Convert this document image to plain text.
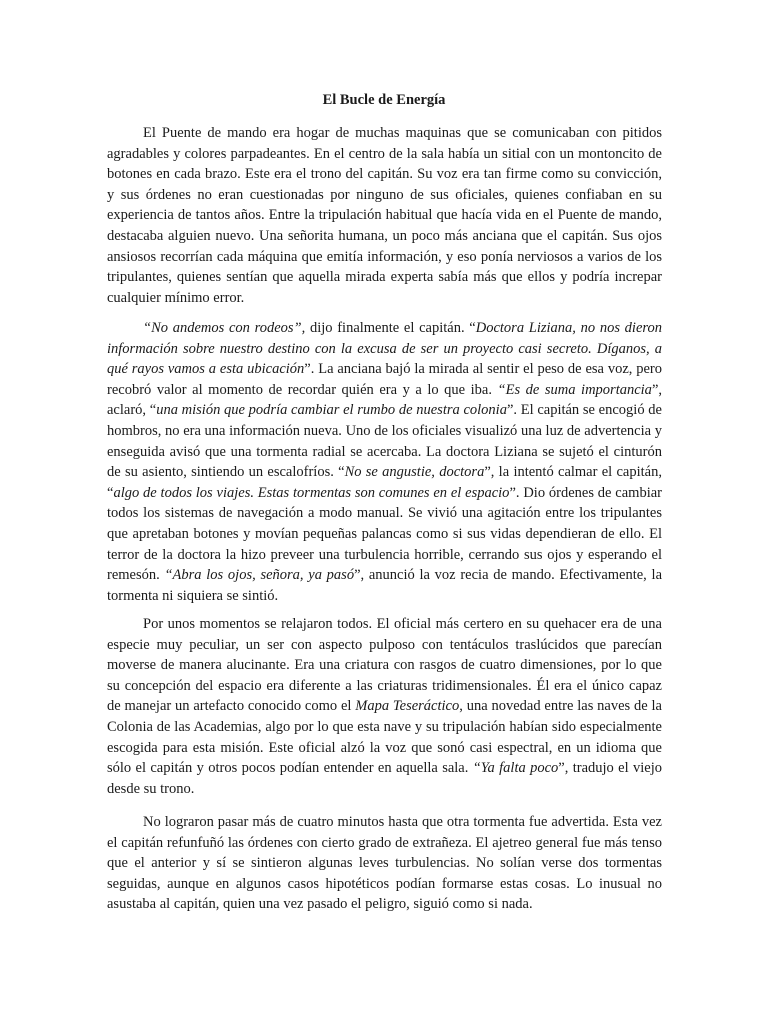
El Bucle de Energía

El Puente de mando era hogar de muchas maquinas que se comunicaban con pitidos agradables y colores parpadeantes. En el centro de la sala había un sitial con un montoncito de botones en cada brazo. Este era el trono del capitán. Su voz era tan firme como su convicción, y sus órdenes no eran cuestionadas por ninguno de sus oficiales, quienes confiaban en su experiencia de tantos años. Entre la tripulación habitual que hacía vida en el Puente de mando, destacaba alguien nuevo. Una señorita humana, un poco más anciana que el capitán. Sus ojos ansiosos recorrían cada máquina que emitía información, y eso ponía nerviosos a varios de los tripulantes, quienes sentían que aquella mirada experta sabía más que ellos y podría increpar cualquier mínimo error.

“No andemos con rodeos”, dijo finalmente el capitán. “Doctora Liziana, no nos dieron información sobre nuestro destino con la excusa de ser un proyecto casi secreto. Díganos, a qué rayos vamos a esta ubicación”. La anciana bajó la mirada al sentir el peso de esa voz, pero recobró valor al momento de recordar quién era y a lo que iba. “Es de suma importancia”, aclaró, “una misión que podría cambiar el rumbo de nuestra colonia”. El capitán se encogió de hombros, no era una información nueva. Uno de los oficiales visualizó una luz de advertencia y enseguida avisó que una tormenta radial se acercaba. La doctora Liziana se sujetó el cinturón de su asiento, sintiendo un escalofríos. “No se angustie, doctora”, la intentó calmar el capitán, “algo de todos los viajes. Estas tormentas son comunes en el espacio”. Dio órdenes de cambiar todos los sistemas de navegación a modo manual. Se vivió una agitación entre los tripulantes que apretaban botones y movían pequeñas palancas como si sus vidas dependieran de ello. El terror de la doctora la hizo preveer una turbulencia horrible, cerrando sus ojos y esperando el remesón. “Abra los ojos, señora, ya pasó”, anunció la voz recia de mando. Efectivamente, la tormenta ni siquiera se sintió.

Por unos momentos se relajaron todos. El oficial más certero en su quehacer era de una especie muy peculiar, un ser con aspecto pulposo con tentáculos traslúcidos que parecían moverse de manera alucinante. Era una criatura con rasgos de cuatro dimensiones, por lo que su concepción del espacio era diferente a las criaturas tridimensionales. Él era el único capaz de manejar un artefacto conocido como el Mapa Teseráctico, una novedad entre las naves de la Colonia de las Academias, algo por lo que esta nave y su tripulación habían sido especialmente escogida para esta misión. Este oficial alzó la voz que sonó casi espectral, en un idioma que sólo el capitán y otros pocos podían entender en aquella sala. “Ya falta poco”, tradujo el viejo desde su trono.

No lograron pasar más de cuatro minutos hasta que otra tormenta fue advertida. Esta vez el capitán refunfuñó las órdenes con cierto grado de extrañeza. El ajetreo general fue más tenso que el anterior y sí se sintieron algunas leves turbulencias. No solían verse dos tormentas seguidas, aunque en algunos casos hipotéticos podían formarse estas cosas. Lo inusual no asustaba al capitán, quien una vez pasado el peligro, siguió como si nada.
